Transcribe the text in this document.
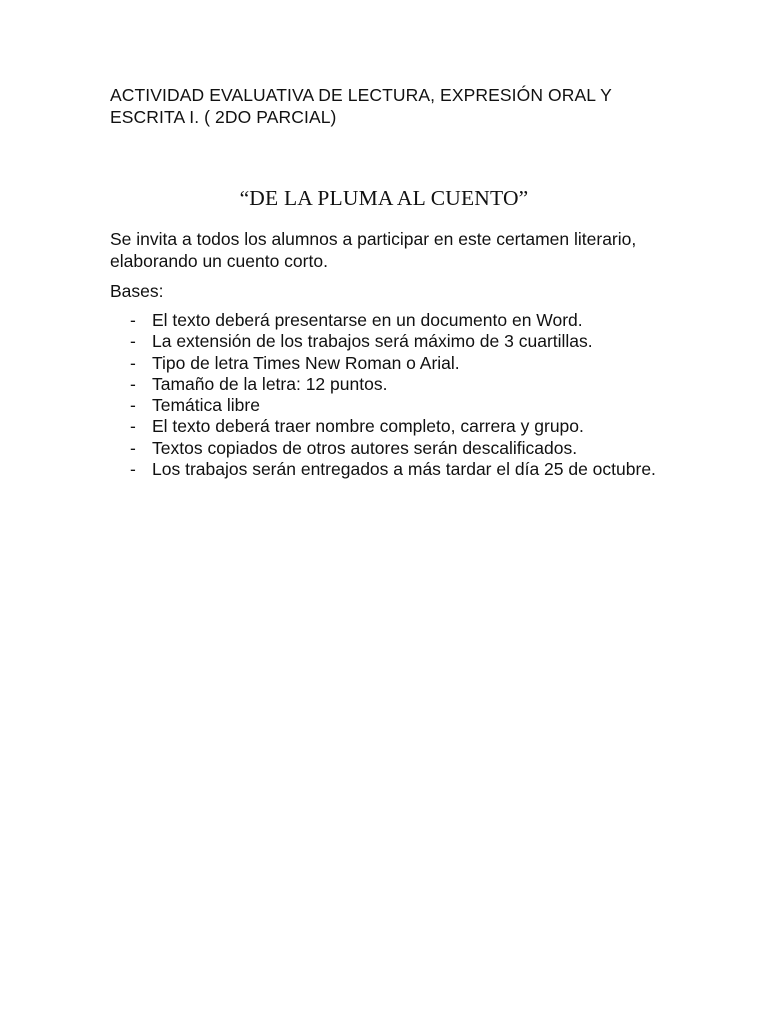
ACTIVIDAD EVALUATIVA DE LECTURA, EXPRESIÓN ORAL Y ESCRITA I. ( 2DO PARCIAL)
“DE LA PLUMA AL CUENTO”
Se invita a todos los alumnos a participar en este certamen literario, elaborando un cuento corto.
Bases:
- El texto deberá presentarse en un documento en Word.
- La extensión de los trabajos será máximo de 3 cuartillas.
- Tipo de letra Times New Roman o Arial.
- Tamaño de la letra: 12 puntos.
- Temática libre
- El texto deberá traer nombre completo, carrera y grupo.
- Textos copiados de otros autores serán descalificados.
- Los trabajos serán entregados a más tardar el día 25 de octubre.
